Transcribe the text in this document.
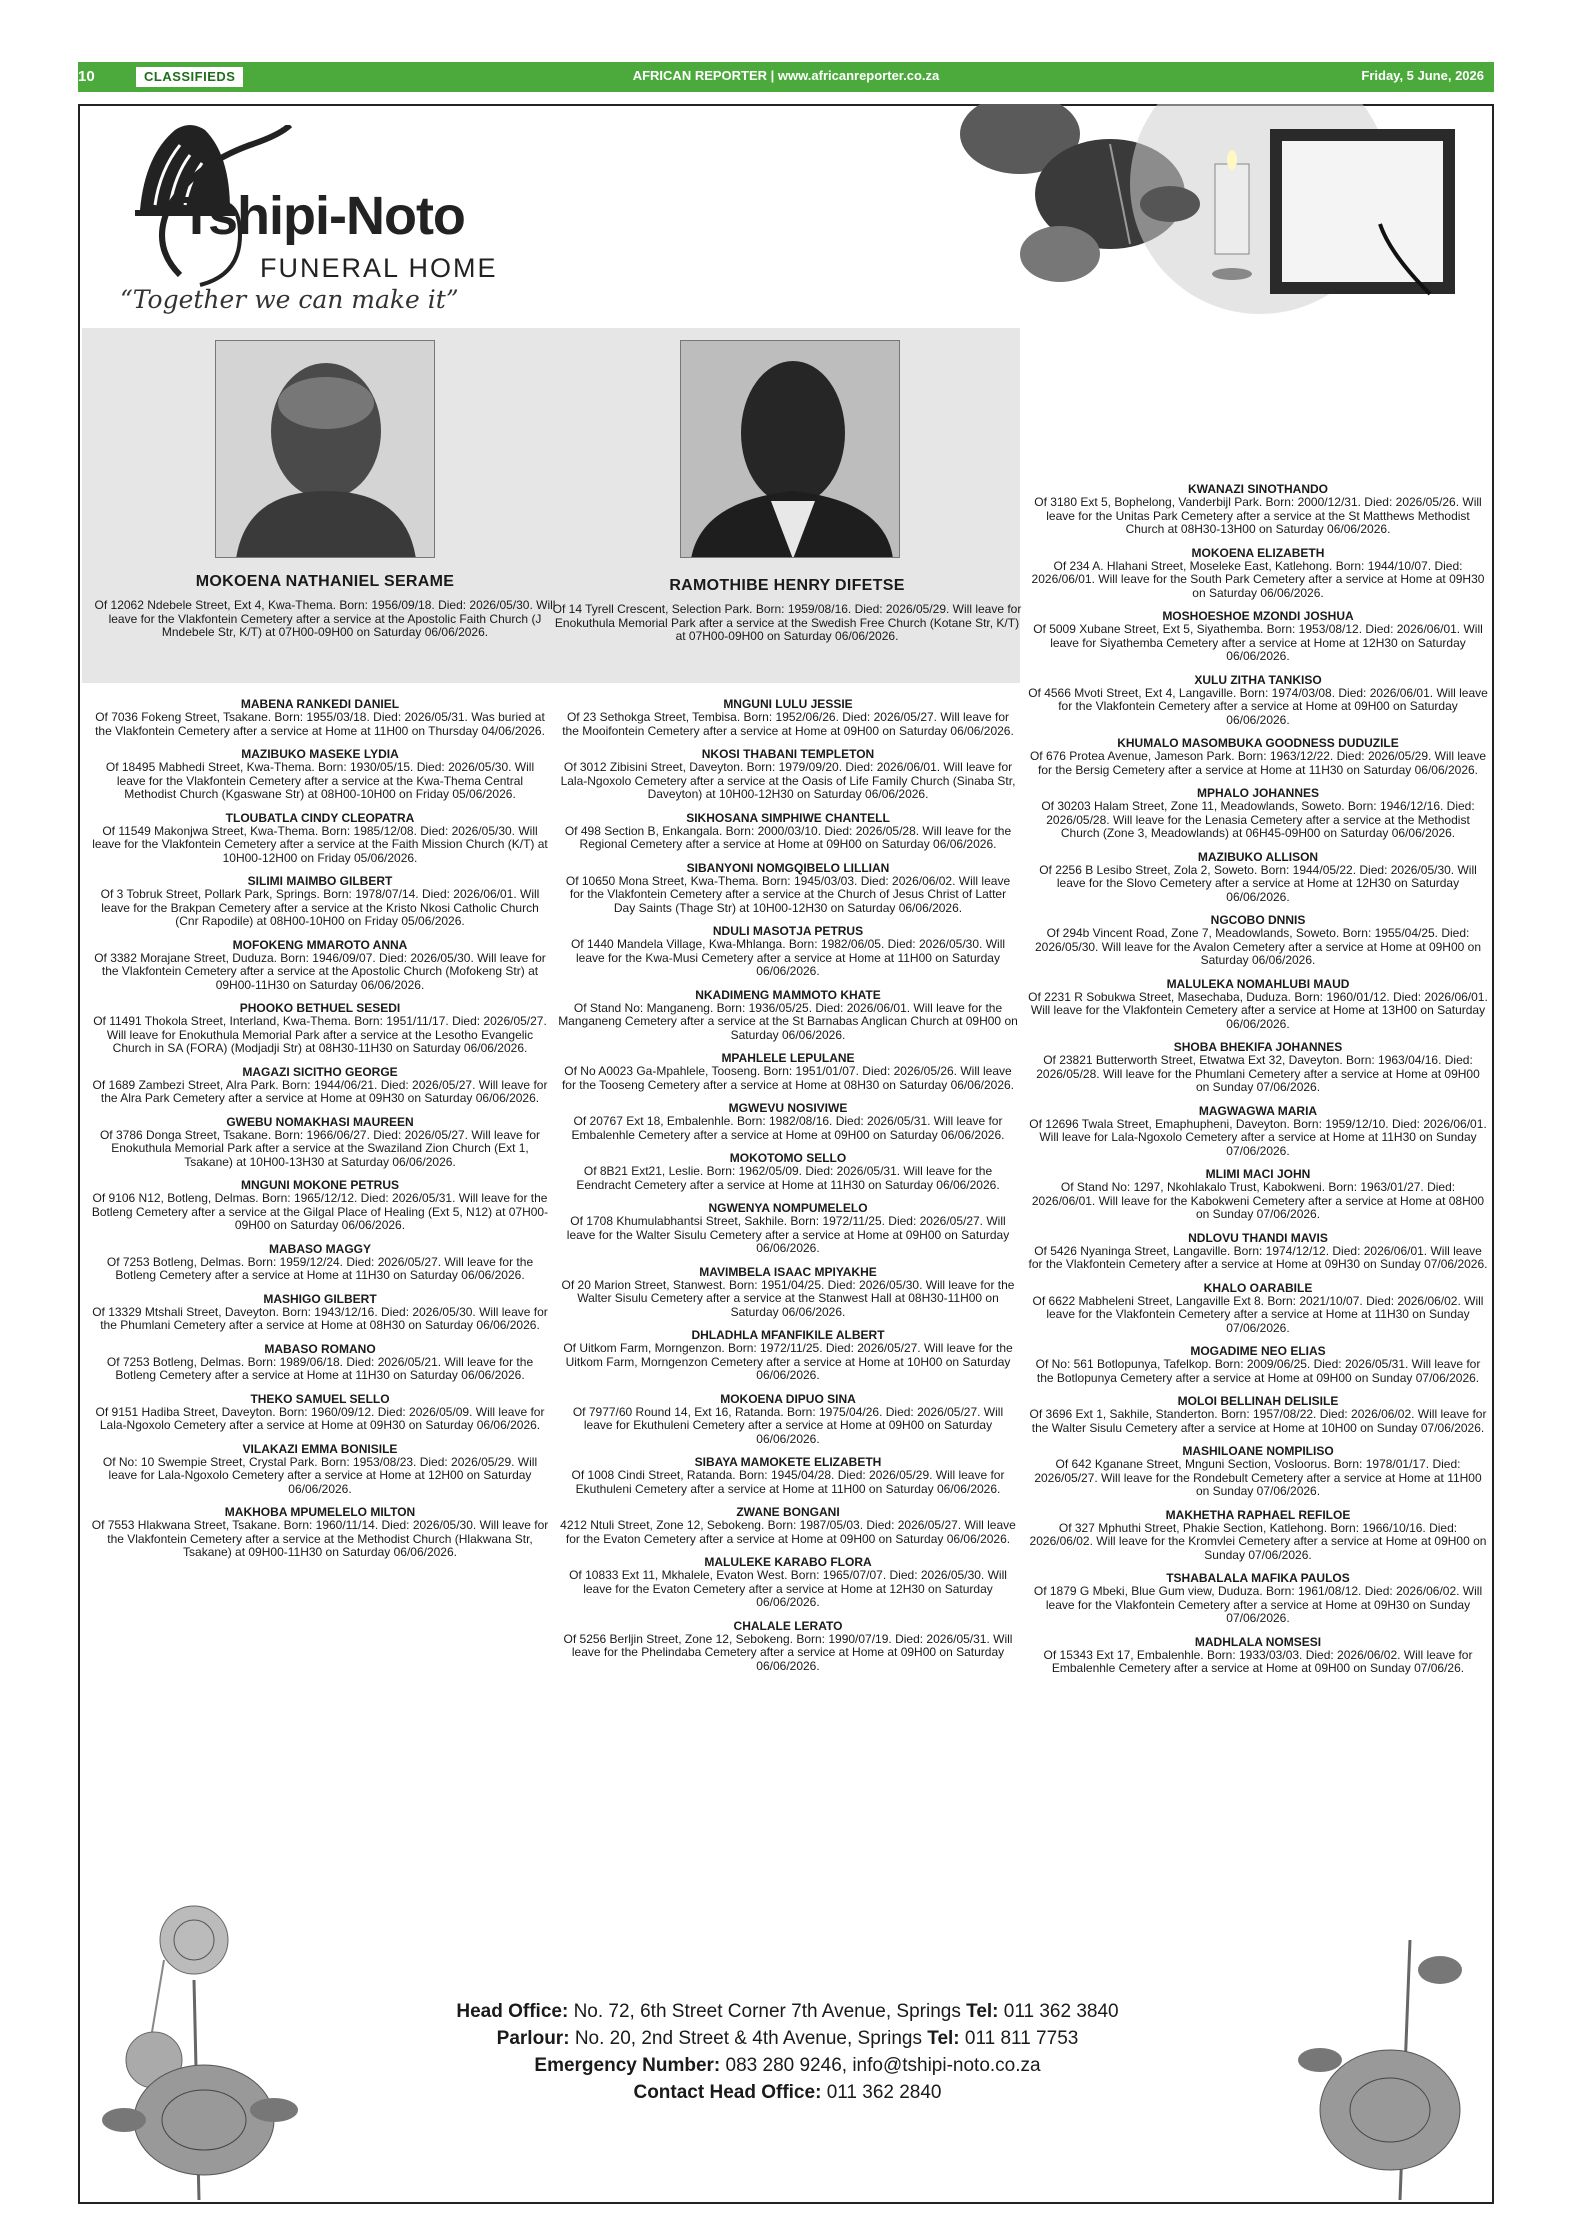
10	CLASSIFIEDS	AFRICAN REPORTER | www.africanreporter.co.za	Friday, 5 June, 2026
Tshipi-Noto
FUNERAL HOME
“Together we can make it”
MOKOENA NATHANIEL SERAME
Of 12062 Ndebele Street, Ext 4, Kwa-Thema. Born: 1956/09/18. Died: 2026/05/30. Will leave for the Vlakfontein Cemetery after a service at the Apostolic Faith Church (J Mndebele Str, K/T) at 07H00-09H00 on Saturday 06/06/2026.
RAMOTHIBE HENRY DIFETSE
Of 14 Tyrell Crescent, Selection Park. Born: 1959/08/16. Died: 2026/05/29. Will leave for Enokuthula Memorial Park after a service at the Swedish Free Church (Kotane Str, K/T) at 07H00-09H00 on Saturday 06/06/2026.
MABENA RANKEDI DANIEL
Of 7036 Fokeng Street, Tsakane. Born: 1955/03/18. Died: 2026/05/31. Was buried at the Vlakfontein Cemetery after a service at Home at 11H00 on Thursday 04/06/2026.
MAZIBUKO MASEKE LYDIA
Of 18495 Mabhedi Street, Kwa-Thema. Born: 1930/05/15. Died: 2026/05/30. Will leave for the Vlakfontein Cemetery after a service at the Kwa-Thema Central Methodist Church (Kgaswane Str) at 08H00-10H00 on Friday 05/06/2026.
TLOUBATLA CINDY CLEOPATRA
Of 11549 Makonjwa Street, Kwa-Thema. Born: 1985/12/08. Died: 2026/05/30. Will leave for the Vlakfontein Cemetery after a service at the Faith Mission Church (K/T) at 10H00-12H00 on Friday 05/06/2026.
SILIMI MAIMBO GILBERT
Of 3 Tobruk Street, Pollark Park, Springs. Born: 1978/07/14. Died: 2026/06/01. Will leave for the Brakpan Cemetery after a service at the Kristo Nkosi Catholic Church (Cnr Rapodile) at 08H00-10H00 on Friday 05/06/2026.
MOFOKENG MMAROTO ANNA
Of 3382 Morajane Street, Duduza. Born: 1946/09/07. Died: 2026/05/30. Will leave for the Vlakfontein Cemetery after a service at the Apostolic Church (Mofokeng Str) at 09H00-11H30 on Saturday 06/06/2026.
PHOOKO BETHUEL SESEDI
Of 11491 Thokola Street, Interland, Kwa-Thema. Born: 1951/11/17. Died: 2026/05/27. Will leave for Enokuthula Memorial Park after a service at the Lesotho Evangelic Church in SA (FORA) (Modjadji Str) at 08H30-11H30 on Saturday 06/06/2026.
MAGAZI SICITHO GEORGE
Of 1689 Zambezi Street, Alra Park. Born: 1944/06/21. Died: 2026/05/27. Will leave for the Alra Park Cemetery after a service at Home at 09H30 on Saturday 06/06/2026.
GWEBU NOMAKHASI MAUREEN
Of 3786 Donga Street, Tsakane. Born: 1966/06/27. Died: 2026/05/27. Will leave for Enokuthula Memorial Park after a service at the Swaziland Zion Church (Ext 1, Tsakane) at 10H00-13H30 at Saturday 06/06/2026.
MNGUNI MOKONE PETRUS
Of 9106 N12, Botleng, Delmas. Born: 1965/12/12. Died: 2026/05/31. Will leave for the Botleng Cemetery after a service at the Gilgal Place of Healing (Ext 5, N12) at 07H00-09H00 on Saturday 06/06/2026.
MABASO MAGGY
Of 7253 Botleng, Delmas. Born: 1959/12/24. Died: 2026/05/27. Will leave for the Botleng Cemetery after a service at Home at 11H30 on Saturday 06/06/2026.
MASHIGO GILBERT
Of 13329 Mtshali Street, Daveyton. Born: 1943/12/16. Died: 2026/05/30. Will leave for the Phumlani Cemetery after a service at Home at 08H30 on Saturday 06/06/2026.
MABASO ROMANO
Of 7253 Botleng, Delmas. Born: 1989/06/18. Died: 2026/05/21. Will leave for the Botleng Cemetery after a service at Home at 11H30 on Saturday 06/06/2026.
THEKO SAMUEL SELLO
Of 9151 Hadiba Street, Daveyton. Born: 1960/09/12. Died: 2026/05/09. Will leave for Lala-Ngoxolo Cemetery after a service at Home at 09H30 on Saturday 06/06/2026.
VILAKAZI EMMA BONISILE
Of No: 10 Swempie Street, Crystal Park. Born: 1953/08/23. Died: 2026/05/29. Will leave for Lala-Ngoxolo Cemetery after a service at Home at 12H00 on Saturday 06/06/2026.
MAKHOBA MPUMELELO MILTON
Of 7553 Hlakwana Street, Tsakane. Born: 1960/11/14. Died: 2026/05/30. Will leave for the Vlakfontein Cemetery after a service at the Methodist Church (Hlakwana Str, Tsakane) at 09H00-11H30 on Saturday 06/06/2026.
MNGUNI LULU JESSIE
Of 23 Sethokga Street, Tembisa. Born: 1952/06/26. Died: 2026/05/27. Will leave for the Mooifontein Cemetery after a service at Home at 09H00 on Saturday 06/06/2026.
NKOSI THABANI TEMPLETON
Of 3012 Zibisini Street, Daveyton. Born: 1979/09/20. Died: 2026/06/01. Will leave for Lala-Ngoxolo Cemetery after a service at the Oasis of Life Family Church (Sinaba Str, Daveyton) at 10H00-12H30 on Saturday 06/06/2026.
SIKHOSANA SIMPHIWE CHANTELL
Of 498 Section B, Enkangala. Born: 2000/03/10. Died: 2026/05/28. Will leave for the Regional Cemetery after a service at Home at 09H00 on Saturday 06/06/2026.
SIBANYONI NOMGQIBELO LILLIAN
Of 10650 Mona Street, Kwa-Thema. Born: 1945/03/03. Died: 2026/06/02. Will leave for the Vlakfontein Cemetery after a service at the Church of Jesus Christ of Latter Day Saints (Thage Str) at 10H00-12H30 on Saturday 06/06/2026.
NDULI MASOTJA PETRUS
Of 1440 Mandela Village, Kwa-Mhlanga. Born: 1982/06/05. Died: 2026/05/30. Will leave for the Kwa-Musi Cemetery after a service at Home at 11H00 on Saturday 06/06/2026.
NKADIMENG MAMMOTO KHATE
Of Stand No: Manganeng. Born: 1936/05/25. Died: 2026/06/01. Will leave for the Manganeng Cemetery after a service at the St Barnabas Anglican Church at 09H00 on Saturday 06/06/2026.
MPAHLELE LEPULANE
Of No A0023 Ga-Mpahlele, Tooseng. Born: 1951/01/07. Died: 2026/05/26. Will leave for the Tooseng Cemetery after a service at Home at 08H30 on Saturday 06/06/2026.
MGWEVU NOSIVIWE
Of 20767 Ext 18, Embalenhle. Born: 1982/08/16. Died: 2026/05/31. Will leave for Embalenhle Cemetery after a service at Home at 09H00 on Saturday 06/06/2026.
MOKOTOMO SELLO
Of 8B21 Ext21, Leslie. Born: 1962/05/09. Died: 2026/05/31. Will leave for the Eendracht Cemetery after a service at Home at 11H30 on Saturday 06/06/2026.
NGWENYA NOMPUMELELO
Of 1708 Khumulabhantsi Street, Sakhile. Born: 1972/11/25. Died: 2026/05/27. Will leave for the Walter Sisulu Cemetery after a service at Home at 09H00 on Saturday 06/06/2026.
MAVIMBELA ISAAC MPIYAKHE
Of 20 Marion Street, Stanwest. Born: 1951/04/25. Died: 2026/05/30. Will leave for the Walter Sisulu Cemetery after a service at the Stanwest Hall at 08H30-11H00 on Saturday 06/06/2026.
DHLADHLA MFANFIKILE ALBERT
Of Uitkom Farm, Morngenzon. Born: 1972/11/25. Died: 2026/05/27. Will leave for the Uitkom Farm, Morngenzon Cemetery after a service at Home at 10H00 on Saturday 06/06/2026.
MOKOENA DIPUO SINA
Of 7977/60 Round 14, Ext 16, Ratanda. Born: 1975/04/26. Died: 2026/05/27. Will leave for Ekuthuleni Cemetery after a service at Home at 09H00 on Saturday 06/06/2026.
SIBAYA MAMOKETE ELIZABETH
Of 1008 Cindi Street, Ratanda. Born: 1945/04/28. Died: 2026/05/29. Will leave for Ekuthuleni Cemetery after a service at Home at 11H00 on Saturday 06/06/2026.
ZWANE BONGANI
4212 Ntuli Street, Zone 12, Sebokeng. Born: 1987/05/03. Died: 2026/05/27. Will leave for the Evaton Cemetery after a service at Home at 09H00 on Saturday 06/06/2026.
MALULEKE KARABO FLORA
Of 10833 Ext 11, Mkhalele, Evaton West. Born: 1965/07/07. Died: 2026/05/30. Will leave for the Evaton Cemetery after a service at Home at 12H30 on Saturday 06/06/2026.
CHALALE LERATO
Of 5256 Berljin Street, Zone 12, Sebokeng. Born: 1990/07/19. Died: 2026/05/31. Will leave for the Phelindaba Cemetery after a service at Home at 09H00 on Saturday 06/06/2026.
KWANAZI SINOTHANDO
Of 3180 Ext 5, Bophelong, Vanderbijl Park. Born: 2000/12/31. Died: 2026/05/26. Will leave for the Unitas Park Cemetery after a service at the St Matthews Methodist Church at 08H30-13H00 on Saturday 06/06/2026.
MOKOENA ELIZABETH
Of 234 A. Hlahani Street, Moseleke East, Katlehong. Born: 1944/10/07. Died: 2026/06/01. Will leave for the South Park Cemetery after a service at Home at 09H30 on Saturday 06/06/2026.
MOSHOESHOE MZONDI JOSHUA
Of 5009 Xubane Street, Ext 5, Siyathemba. Born: 1953/08/12. Died: 2026/06/01. Will leave for Siyathemba Cemetery after a service at Home at 12H30 on Saturday 06/06/2026.
XULU ZITHA TANKISO
Of 4566 Mvoti Street, Ext 4, Langaville. Born: 1974/03/08. Died: 2026/06/01. Will leave for the Vlakfontein Cemetery after a service at Home at 09H00 on Saturday 06/06/2026.
KHUMALO MASOMBUKA GOODNESS DUDUZILE
Of 676 Protea Avenue, Jameson Park. Born: 1963/12/22. Died: 2026/05/29. Will leave for the Bersig Cemetery after a service at Home at 11H30 on Saturday 06/06/2026.
MPHALO JOHANNES
Of 30203 Halam Street, Zone 11, Meadowlands, Soweto. Born: 1946/12/16. Died: 2026/05/28. Will leave for the Lenasia Cemetery after a service at the Methodist Church (Zone 3, Meadowlands) at 06H45-09H00 on Saturday 06/06/2026.
MAZIBUKO ALLISON
Of 2256 B Lesibo Street, Zola 2, Soweto. Born: 1944/05/22. Died: 2026/05/30. Will leave for the Slovo Cemetery after a service at Home at 12H30 on Saturday 06/06/2026.
NGCOBO DNNIS
Of 294b Vincent Road, Zone 7, Meadowlands, Soweto. Born: 1955/04/25. Died: 2026/05/30. Will leave for the Avalon Cemetery after a service at Home at 09H00 on Saturday 06/06/2026.
MALULEKA NOMAHLUBI MAUD
Of 2231 R Sobukwa Street, Masechaba, Duduza. Born: 1960/01/12. Died: 2026/06/01. Will leave for the Vlakfontein Cemetery after a service at Home at 13H00 on Saturday 06/06/2026.
SHOBA BHEKIFA JOHANNES
Of 23821 Butterworth Street, Etwatwa Ext 32, Daveyton. Born: 1963/04/16. Died: 2026/05/28. Will leave for the Phumlani Cemetery after a service at Home at 09H00 on Sunday 07/06/2026.
MAGWAGWA MARIA
Of 12696 Twala Street, Emaphupheni, Daveyton. Born: 1959/12/10. Died: 2026/06/01. Will leave for Lala-Ngoxolo Cemetery after a service at Home at 11H30 on Sunday 07/06/2026.
MLIMI MACI JOHN
Of Stand No: 1297, Nkohlakalo Trust, Kabokweni. Born: 1963/01/27. Died: 2026/06/01. Will leave for the Kabokweni Cemetery after a service at Home at 08H00 on Sunday 07/06/2026.
NDLOVU THANDI MAVIS
Of 5426 Nyaninga Street, Langaville. Born: 1974/12/12. Died: 2026/06/01. Will leave for the Vlakfontein Cemetery after a service at Home at 09H30 on Sunday 07/06/2026.
KHALO OARABILE
Of 6622 Mabheleni Street, Langaville Ext 8. Born: 2021/10/07. Died: 2026/06/02. Will leave for the Vlakfontein Cemetery after a service at Home at 11H30 on Sunday 07/06/2026.
MOGADIME NEO ELIAS
Of No: 561 Botlopunya, Tafelkop. Born: 2009/06/25. Died: 2026/05/31. Will leave for the Botlopunya Cemetery after a service at Home at 09H00 on Sunday 07/06/2026.
MOLOI BELLINAH DELISILE
Of 3696 Ext 1, Sakhile, Standerton. Born: 1957/08/22. Died: 2026/06/02. Will leave for the Walter Sisulu Cemetery after a service at Home at 10H00 on Sunday 07/06/2026.
MASHILOANE NOMPILISO
Of 642 Kganane Street, Mnguni Section, Vosloorus. Born: 1978/01/17. Died: 2026/05/27. Will leave for the Rondebult Cemetery after a service at Home at 11H00 on Sunday 07/06/2026.
MAKHETHA RAPHAEL REFILOE
Of 327 Mphuthi Street, Phakie Section, Katlehong. Born: 1966/10/16. Died: 2026/06/02. Will leave for the Kromvlei Cemetery after a service at Home at 09H00 on Sunday 07/06/2026.
TSHABALALA MAFIKA PAULOS
Of 1879 G Mbeki, Blue Gum view, Duduza. Born: 1961/08/12. Died: 2026/06/02. Will leave for the Vlakfontein Cemetery after a service at Home at 09H30 on Sunday 07/06/2026.
MADHLALA NOMSESI
Of 15343 Ext 17, Embalenhle. Born: 1933/03/03. Died: 2026/06/02. Will leave for Embalenhle Cemetery after a service at Home at 09H00 on Sunday 07/06/26.
Head Office: No. 72, 6th Street Corner 7th Avenue, Springs Tel: 011 362 3840
Parlour: No. 20, 2nd Street & 4th Avenue, Springs Tel: 011 811 7753
Emergency Number: 083 280 9246, info@tshipi-noto.co.za
Contact Head Office: 011 362 2840
